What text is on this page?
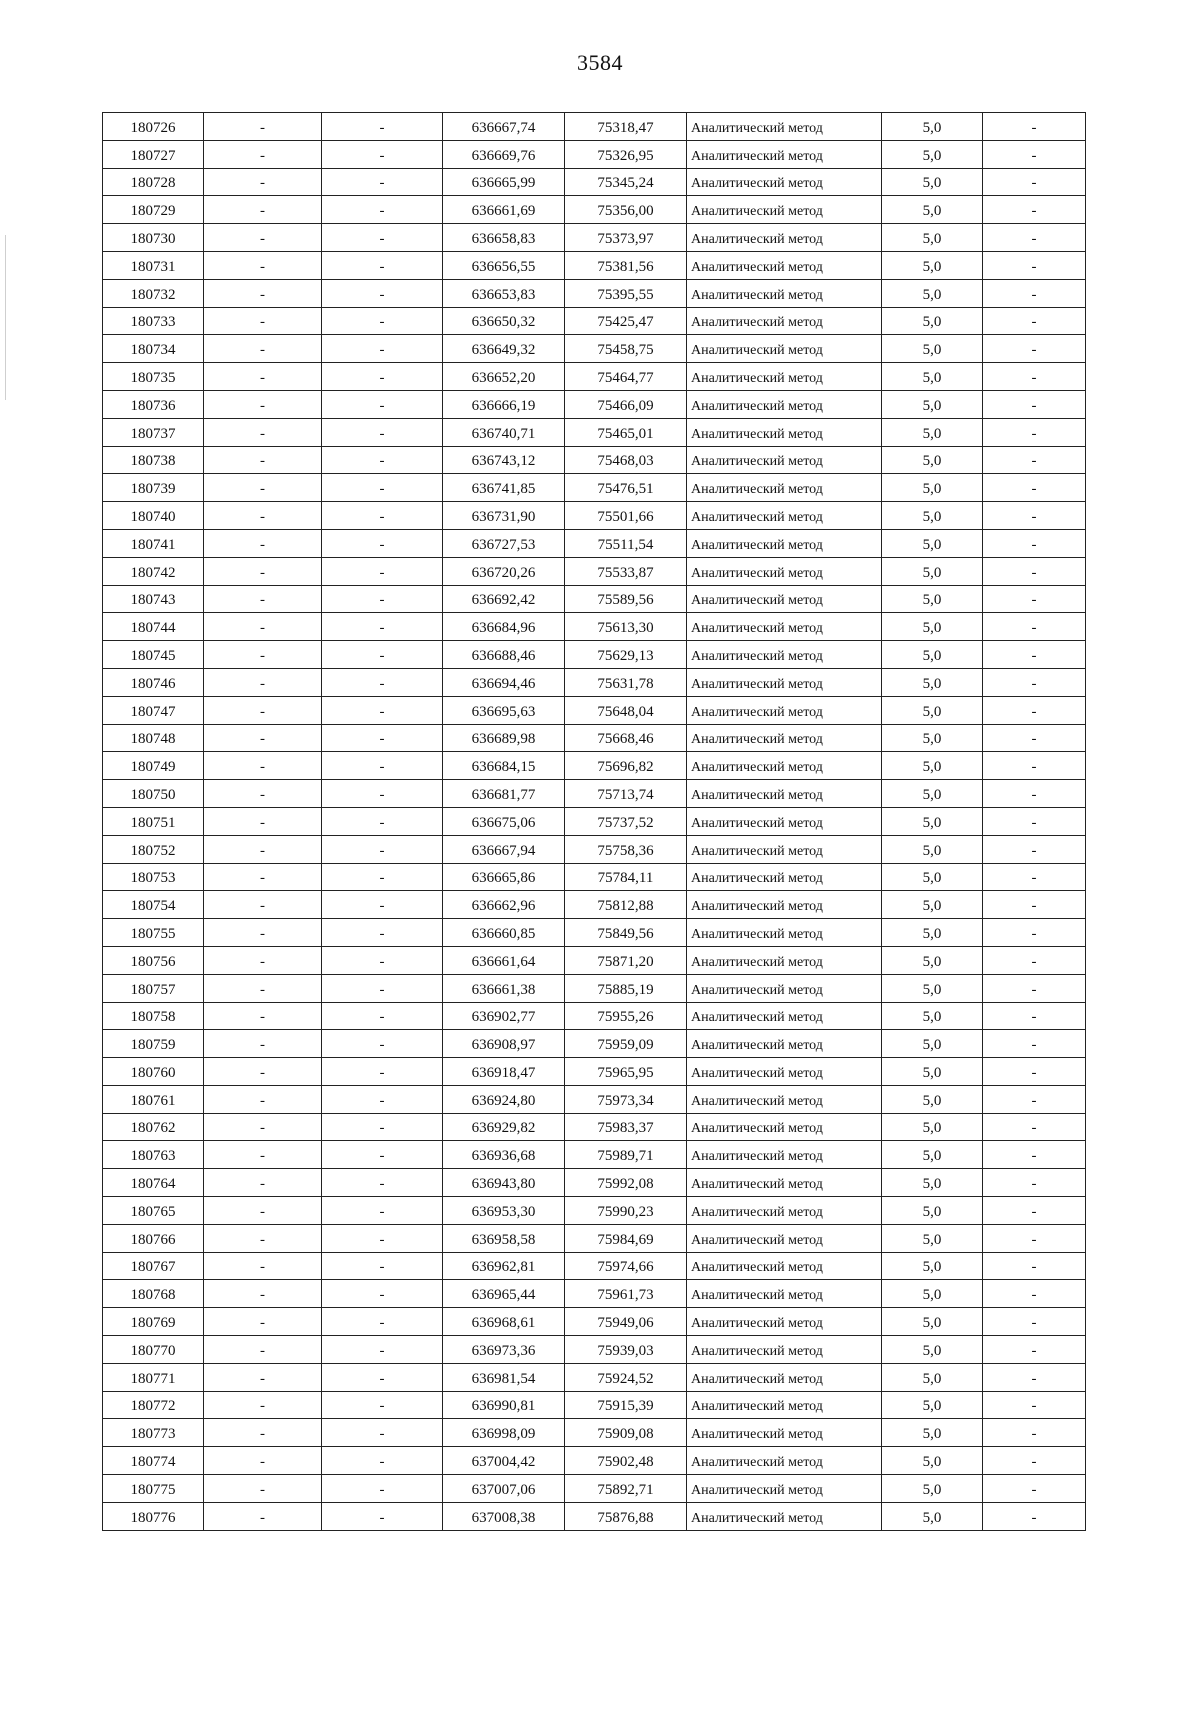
3584
180726	-	-	636667,74	75318,47	Аналитический метод	5,0	-
180727	-	-	636669,76	75326,95	Аналитический метод	5,0	-
180728	-	-	636665,99	75345,24	Аналитический метод	5,0	-
180729	-	-	636661,69	75356,00	Аналитический метод	5,0	-
180730	-	-	636658,83	75373,97	Аналитический метод	5,0	-
180731	-	-	636656,55	75381,56	Аналитический метод	5,0	-
180732	-	-	636653,83	75395,55	Аналитический метод	5,0	-
180733	-	-	636650,32	75425,47	Аналитический метод	5,0	-
180734	-	-	636649,32	75458,75	Аналитический метод	5,0	-
180735	-	-	636652,20	75464,77	Аналитический метод	5,0	-
180736	-	-	636666,19	75466,09	Аналитический метод	5,0	-
180737	-	-	636740,71	75465,01	Аналитический метод	5,0	-
180738	-	-	636743,12	75468,03	Аналитический метод	5,0	-
180739	-	-	636741,85	75476,51	Аналитический метод	5,0	-
180740	-	-	636731,90	75501,66	Аналитический метод	5,0	-
180741	-	-	636727,53	75511,54	Аналитический метод	5,0	-
180742	-	-	636720,26	75533,87	Аналитический метод	5,0	-
180743	-	-	636692,42	75589,56	Аналитический метод	5,0	-
180744	-	-	636684,96	75613,30	Аналитический метод	5,0	-
180745	-	-	636688,46	75629,13	Аналитический метод	5,0	-
180746	-	-	636694,46	75631,78	Аналитический метод	5,0	-
180747	-	-	636695,63	75648,04	Аналитический метод	5,0	-
180748	-	-	636689,98	75668,46	Аналитический метод	5,0	-
180749	-	-	636684,15	75696,82	Аналитический метод	5,0	-
180750	-	-	636681,77	75713,74	Аналитический метод	5,0	-
180751	-	-	636675,06	75737,52	Аналитический метод	5,0	-
180752	-	-	636667,94	75758,36	Аналитический метод	5,0	-
180753	-	-	636665,86	75784,11	Аналитический метод	5,0	-
180754	-	-	636662,96	75812,88	Аналитический метод	5,0	-
180755	-	-	636660,85	75849,56	Аналитический метод	5,0	-
180756	-	-	636661,64	75871,20	Аналитический метод	5,0	-
180757	-	-	636661,38	75885,19	Аналитический метод	5,0	-
180758	-	-	636902,77	75955,26	Аналитический метод	5,0	-
180759	-	-	636908,97	75959,09	Аналитический метод	5,0	-
180760	-	-	636918,47	75965,95	Аналитический метод	5,0	-
180761	-	-	636924,80	75973,34	Аналитический метод	5,0	-
180762	-	-	636929,82	75983,37	Аналитический метод	5,0	-
180763	-	-	636936,68	75989,71	Аналитический метод	5,0	-
180764	-	-	636943,80	75992,08	Аналитический метод	5,0	-
180765	-	-	636953,30	75990,23	Аналитический метод	5,0	-
180766	-	-	636958,58	75984,69	Аналитический метод	5,0	-
180767	-	-	636962,81	75974,66	Аналитический метод	5,0	-
180768	-	-	636965,44	75961,73	Аналитический метод	5,0	-
180769	-	-	636968,61	75949,06	Аналитический метод	5,0	-
180770	-	-	636973,36	75939,03	Аналитический метод	5,0	-
180771	-	-	636981,54	75924,52	Аналитический метод	5,0	-
180772	-	-	636990,81	75915,39	Аналитический метод	5,0	-
180773	-	-	636998,09	75909,08	Аналитический метод	5,0	-
180774	-	-	637004,42	75902,48	Аналитический метод	5,0	-
180775	-	-	637007,06	75892,71	Аналитический метод	5,0	-
180776	-	-	637008,38	75876,88	Аналитический метод	5,0	-
